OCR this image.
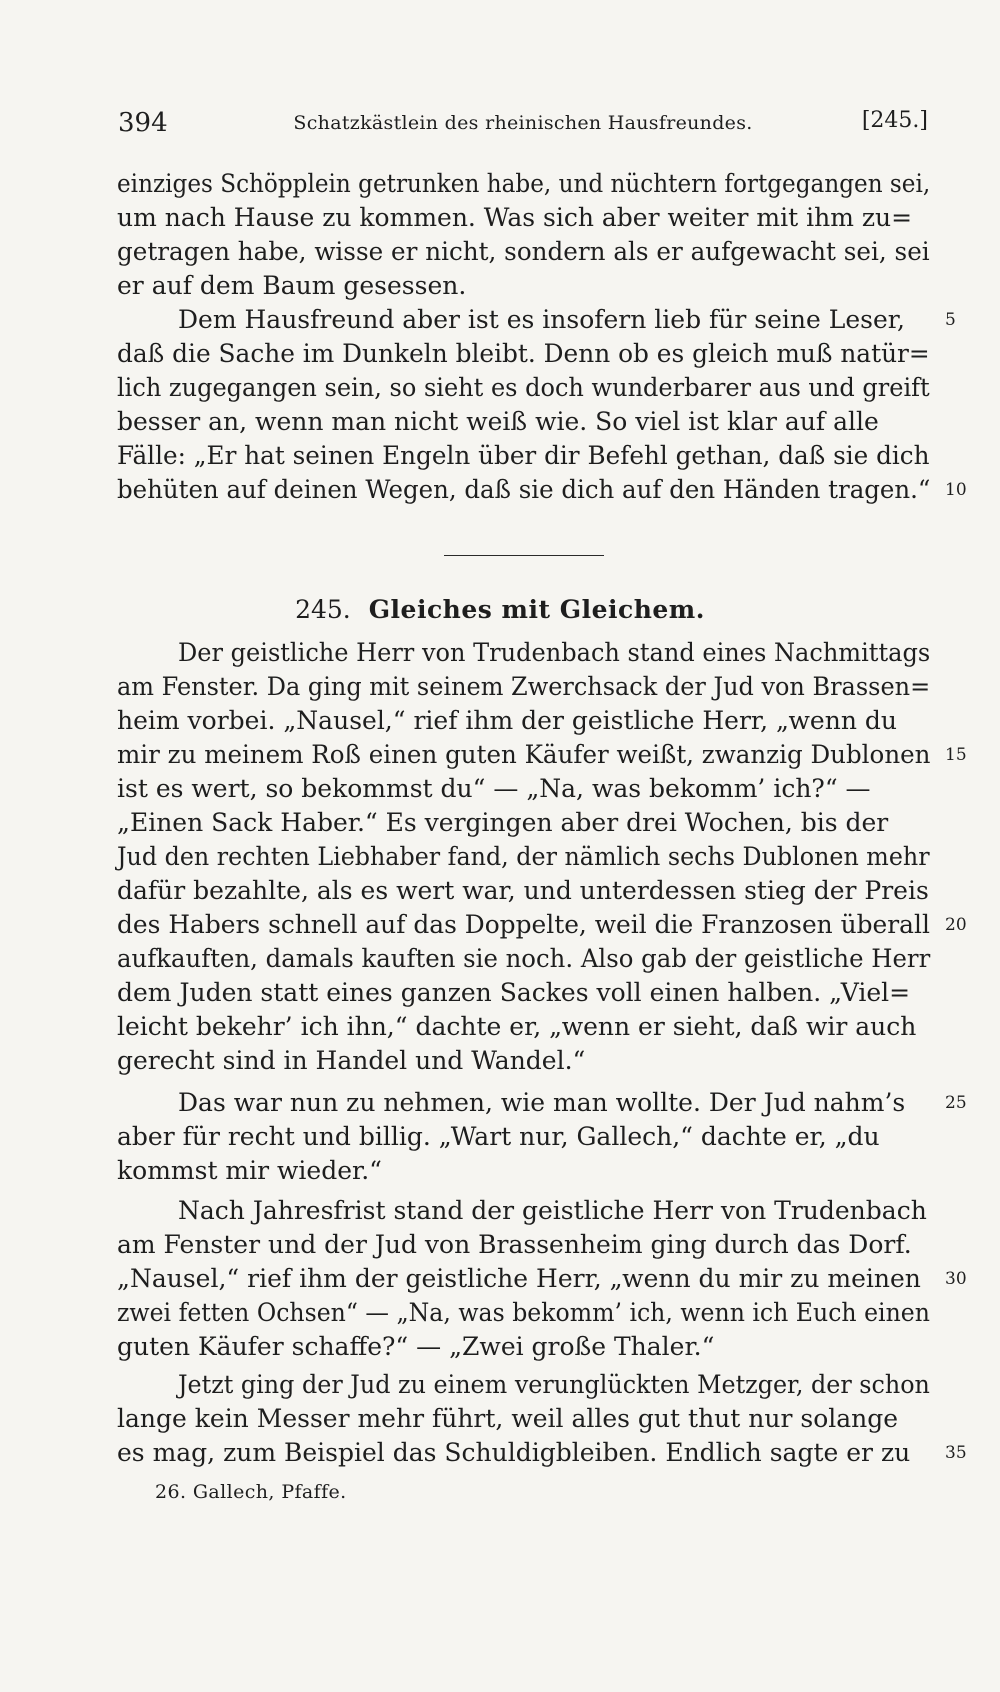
394	Schatzkästlein des rheinischen Hausfreundes.	[245.]
einziges Schöpplein getrunken habe, und nüchtern fortgegangen sei,
um nach Hause zu kommen. Was sich aber weiter mit ihm zu=
getragen habe, wisse er nicht, sondern als er aufgewacht sei, sei
er auf dem Baum gesessen.
Dem Hausfreund aber ist es insofern lieb für seine Leser,
daß die Sache im Dunkeln bleibt. Denn ob es gleich muß natür=
lich zugegangen sein, so sieht es doch wunderbarer aus und greift
besser an, wenn man nicht weiß wie. So viel ist klar auf alle
Fälle: „Er hat seinen Engeln über dir Befehl gethan, daß sie dich
behüten auf deinen Wegen, daß sie dich auf den Händen tragen.“
245. Gleiches mit Gleichem.
Der geistliche Herr von Trudenbach stand eines Nachmittags
am Fenster. Da ging mit seinem Zwerchsack der Jud von Brassen=
heim vorbei. „Nausel,“ rief ihm der geistliche Herr, „wenn du
mir zu meinem Roß einen guten Käufer weißt, zwanzig Dublonen
ist es wert, so bekommst du“ — „Na, was bekomm’ ich?“ —
„Einen Sack Haber.“ Es vergingen aber drei Wochen, bis der
Jud den rechten Liebhaber fand, der nämlich sechs Dublonen mehr
dafür bezahlte, als es wert war, und unterdessen stieg der Preis
des Habers schnell auf das Doppelte, weil die Franzosen überall
aufkauften, damals kauften sie noch. Also gab der geistliche Herr
dem Juden statt eines ganzen Sackes voll einen halben. „Viel=
leicht bekehr’ ich ihn,“ dachte er, „wenn er sieht, daß wir auch
gerecht sind in Handel und Wandel.“
Das war nun zu nehmen, wie man wollte. Der Jud nahm’s
aber für recht und billig. „Wart nur, Gallech,“ dachte er, „du
kommst mir wieder.“
Nach Jahresfrist stand der geistliche Herr von Trudenbach
am Fenster und der Jud von Brassenheim ging durch das Dorf.
„Nausel,“ rief ihm der geistliche Herr, „wenn du mir zu meinen
zwei fetten Ochsen“ — „Na, was bekomm’ ich, wenn ich Euch einen
guten Käufer schaffe?“ — „Zwei große Thaler.“
Jetzt ging der Jud zu einem verunglückten Metzger, der schon
lange kein Messer mehr führt, weil alles gut thut nur solange
es mag, zum Beispiel das Schuldigbleiben. Endlich sagte er zu
5
10
15
20
25
30
35
26. Gallech, Pfaffe.
